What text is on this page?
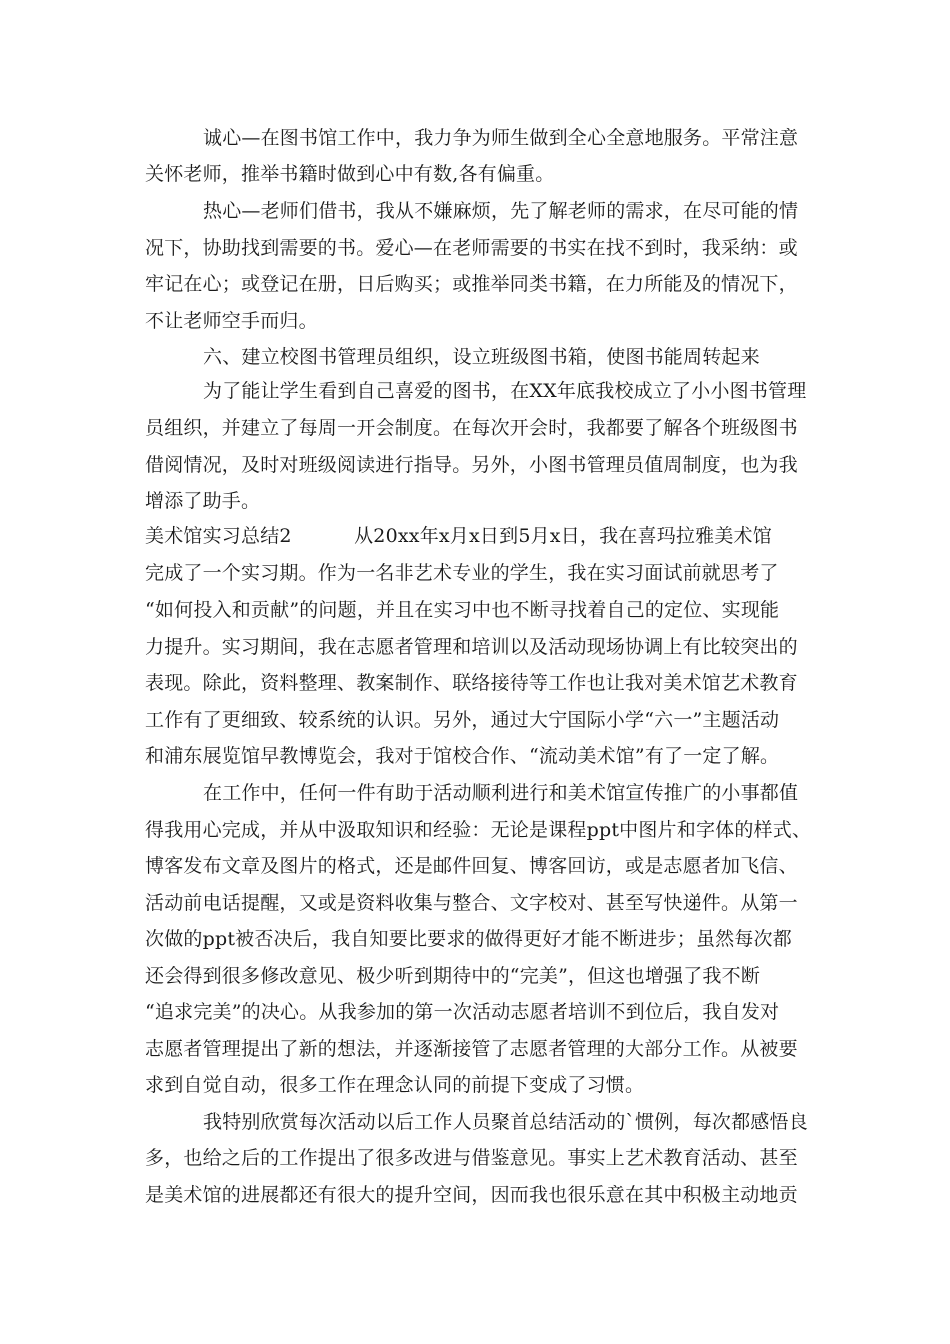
诚心—在图书馆工作中，我力争为师生做到全心全意地服务。平常注意
关怀老师，推举书籍时做到心中有数,各有偏重。
热心—老师们借书，我从不嫌麻烦，先了解老师的需求，在尽可能的情
况下，协助找到需要的书。爱心—在老师需要的书实在找不到时，我采纳：或
牢记在心；或登记在册，日后购买；或推举同类书籍，在力所能及的情况下，
不让老师空手而归。
六、建立校图书管理员组织，设立班级图书箱，使图书能周转起来
为了能让学生看到自己喜爱的图书，在XX年底我校成立了小小图书管理
员组织，并建立了每周一开会制度。在每次开会时，我都要了解各个班级图书
借阅情况，及时对班级阅读进行指导。另外，小图书管理员值周制度，也为我
增添了助手。
美术馆实习总结2          从20xx年x月x日到5月x日，我在喜玛拉雅美术馆
完成了一个实习期。作为一名非艺术专业的学生，我在实习面试前就思考了
“如何投入和贡献”的问题，并且在实习中也不断寻找着自己的定位、实现能
力提升。实习期间，我在志愿者管理和培训以及活动现场协调上有比较突出的
表现。除此，资料整理、教案制作、联络接待等工作也让我对美术馆艺术教育
工作有了更细致、较系统的认识。另外，通过大宁国际小学“六一”主题活动
和浦东展览馆早教博览会，我对于馆校合作、“流动美术馆”有了一定了解。
在工作中，任何一件有助于活动顺利进行和美术馆宣传推广的小事都值
得我用心完成，并从中汲取知识和经验：无论是课程ppt中图片和字体的样式、
博客发布文章及图片的格式，还是邮件回复、博客回访，或是志愿者加飞信、
活动前电话提醒，又或是资料收集与整合、文字校对、甚至写快递件。从第一
次做的ppt被否决后，我自知要比要求的做得更好才能不断进步；虽然每次都
还会得到很多修改意见、极少听到期待中的“完美”，但这也增强了我不断
“追求完美”的决心。从我参加的第一次活动志愿者培训不到位后，我自发对
志愿者管理提出了新的想法，并逐渐接管了志愿者管理的大部分工作。从被要
求到自觉自动，很多工作在理念认同的前提下变成了习惯。
我特别欣赏每次活动以后工作人员聚首总结活动的`惯例，每次都感悟良
多，也给之后的工作提出了很多改进与借鉴意见。事实上艺术教育活动、甚至
是美术馆的进展都还有很大的提升空间，因而我也很乐意在其中积极主动地贡
